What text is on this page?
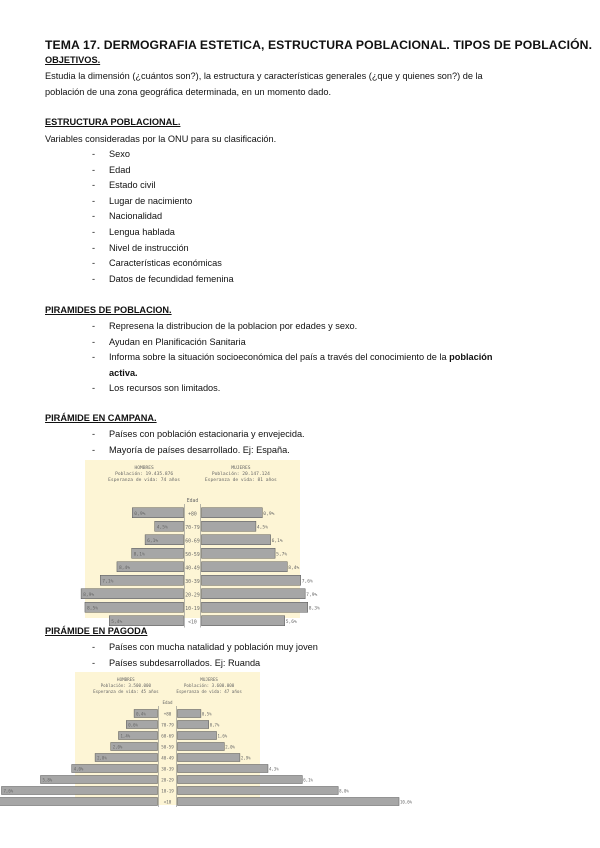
TEMA 17. DERMOGRAFIA ESTETICA, ESTRUCTURA POBLACIONAL. TIPOS DE POBLACIÓN.
OBJETIVOS.
Estudia la dimensión (¿cuántos son?), la estructura y características generales (¿que y quienes son?) de la
población de una zona geográfica determinada, en un momento dado.
ESTRUCTURA POBLACIONAL.
Variables consideradas por la ONU para su clasificación.
- Sexo
- Edad
- Estado civil
- Lugar de nacimiento
- Nacionalidad
- Lengua hablada
- Nivel de instrucción
- Características económicas
- Datos de fecundidad femenina
PIRAMIDES DE POBLACION.
- Represena la distribucion de la poblacion por edades y sexo.
- Ayudan en Planificación Sanitaria
- Informa sobre la situación socioeconómica del país a través del conocimiento de la población
activa.
- Los recursos son limitados.
PIRÁMIDE EN CAMPANA.
- Países con población estacionaria y envejecida.
- Mayoría de países desarrollado. Ej: España.
HOMBRES
Población: 19.435.876
Esperanza de vida: 74 años
MUJERES
Población: 20.147.124
Esperanza de vida: 81 años
Edad
+80
0,9%	0,9%
70-79
4,5%	4,5%
60-69
6,1%	6,1%
50-59
8,1%	5,7%
40-49
8,4%	8,4%
30-39
7,1%	7,6%
20-29
8,9%	7,9%
10-19
8,5%	8,3%
<10
5,4%	5,6%
PIRÁMIDE EN PAGODA
- Países con mucha natalidad y población muy joven
- Países subdesarrollados. Ej: Ruanda
HOMBRES
Población: 3.500.000
Esperanza de vida: 45 años
MUJERES
Población: 3.600.000
Esperanza de vida: 47 años
Edad
+80
0,4%	0,5%
70-79
0,6%	0,7%
60-69
1,4%	1,6%
50-59
2,0%	2,0%
40-49
2,8%	2,9%
30-39
4,0%	4,3%
20-29
5,8%	6,1%
10-19
7,6%	8,0%
<10	10,6%
